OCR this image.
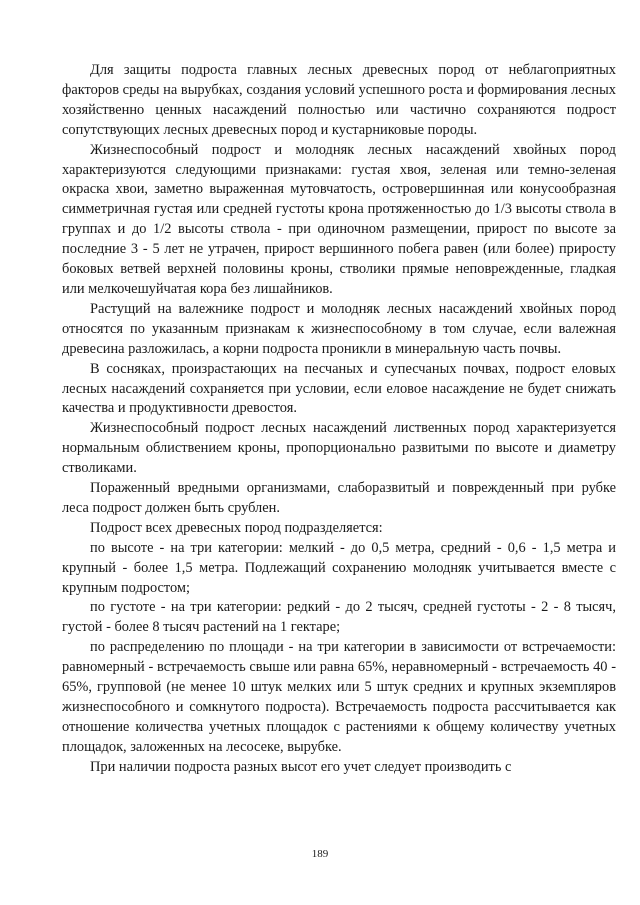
Для защиты подроста главных лесных древесных пород от неблагоприятных факторов среды на вырубках, создания условий успешного роста и формирования лесных хозяйственно ценных насаждений полностью или частично сохраняются подрост сопутствующих лесных древесных пород и кустарниковые породы.

Жизнеспособный подрост и молодняк лесных насаждений хвойных пород характеризуются следующими признаками: густая хвоя, зеленая или темно-зеленая окраска хвои, заметно выраженная мутовчатость, островершинная или конусообразная симметричная густая или средней густоты крона протяженностью до 1/3 высоты ствола в группах и до 1/2 высоты ствола - при одиночном размещении, прирост по высоте за последние 3 - 5 лет не утрачен, прирост вершинного побега равен (или более) приросту боковых ветвей верхней половины кроны, стволики прямые неповрежденные, гладкая или мелкочешуйчатая кора без лишайников.

Растущий на валежнике подрост и молодняк лесных насаждений хвойных пород относятся по указанным признакам к жизнеспособному в том случае, если валежная древесина разложилась, а корни подроста проникли в минеральную часть почвы.

В сосняках, произрастающих на песчаных и супесчаных почвах, подрост еловых лесных насаждений сохраняется при условии, если еловое насаждение не будет снижать качества и продуктивности древостоя.

Жизнеспособный подрост лесных насаждений лиственных пород характеризуется нормальным облиствением кроны, пропорционально развитыми по высоте и диаметру стволиками.

Пораженный вредными организмами, слаборазвитый и поврежденный при рубке леса подрост должен быть срублен.

Подрост всех древесных пород подразделяется:

по высоте - на три категории: мелкий - до 0,5 метра, средний - 0,6 - 1,5 метра и крупный - более 1,5 метра. Подлежащий сохранению молодняк учитывается вместе с крупным подростом;

по густоте - на три категории: редкий - до 2 тысяч, средней густоты - 2 - 8 тысяч, густой - более 8 тысяч растений на 1 гектаре;

по распределению по площади - на три категории в зависимости от встречаемости: равномерный - встречаемость свыше или равна 65%, неравномерный - встречаемость 40 - 65%, групповой (не менее 10 штук мелких или 5 штук средних и крупных экземпляров жизнеспособного и сомкнутого подроста). Встречаемость подроста рассчитывается как отношение количества учетных площадок с растениями к общему количеству учетных площадок, заложенных на лесосеке, вырубке.

При наличии подроста разных высот его учет следует производить с

189
